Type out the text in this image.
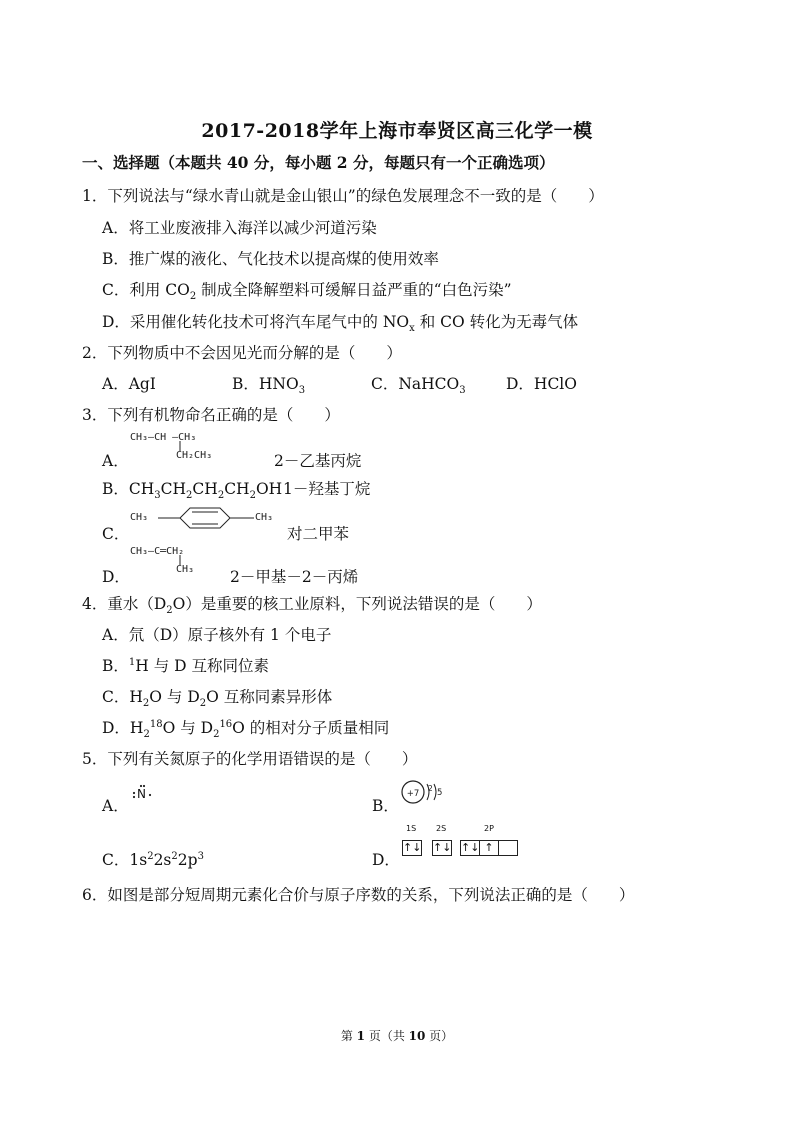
2017-2018学年上海市奉贤区高三化学一模
一、选择题（本题共 40 分，每小题 2 分，每题只有一个正确选项）
1．下列说法与“绿水青山就是金山银山”的绿色发展理念不一致的是（　　）
A．将工业废液排入海洋以减少河道污染
B．推广煤的液化、气化技术以提高煤的使用效率
C．利用 $CO_2$ 制成全降解塑料可缓解日益严重的“白色污染”
D．采用催化转化技术可将汽车尾气中的 $NO_x$ 和 CO 转化为无毒气体
2．下列物质中不会因见光而分解的是（　　）
A．AgI	B．$HNO_3$	C．NaHCO$_3$	D．HClO
3．下列有机物命名正确的是（　　）
A．
CH₃—CH —CH₃
CH₂CH₃	2－乙基丙烷
B．$CH_3CH_2CH_2CH_2OH$ 1－羟基丁烷
C．
CH₃	CH₃
对二甲苯
D．
CH₃—C═CH₂
CH₃ 2－甲基－2－丙烯
4．重水$(D_2O)$是重要的核工业原料，下列说法错误的是（　　）
A．氘（D）原子核外有 1 个电子
B．$^1$H 与 D 互称同位素
C．$H_2O$ 与 $D_2O$ 互称同素异形体
D．$H_2^{18}O$ 与 $D_2^{16}O$ 的相对分子质量相同
5．下列有关氮原子的化学用语错误的是（　　）
A．
N
B．
+7
2 5
C．$1s^22s^22p^3$	D．
1S 2S	2P
↑↓ ↑↓ ↑↓ ↑
6．如图是部分短周期元素化合价与原子序数的关系，下列说法正确的是（　　）
第 1 页（共 10 页）
